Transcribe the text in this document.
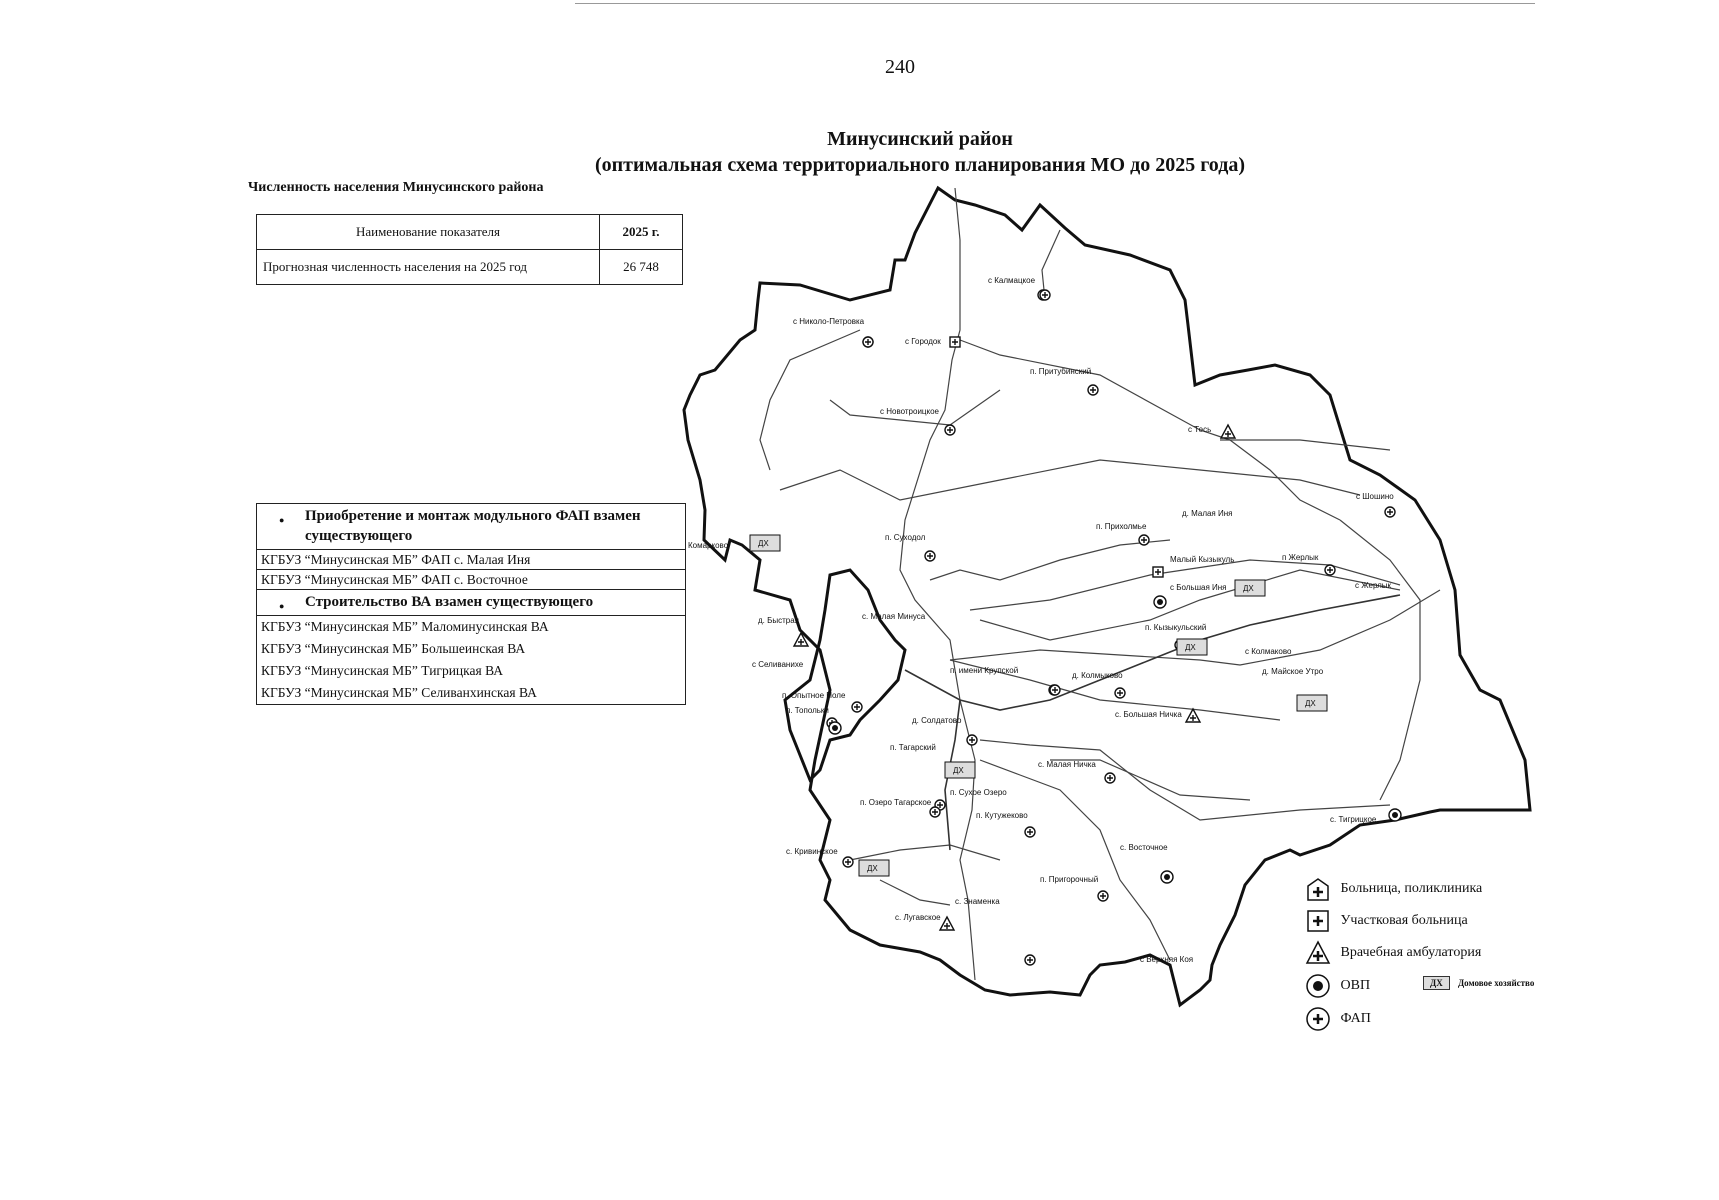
240
Минусинский район
(оптимальная схема территориального планирования МО до 2025 года)
Численность населения Минусинского района
Наименование показателя	2025 г.
Прогнозная численность населения на 2025 год	26 748
● Приобретение и монтаж модульного ФАП взамен существующего
КГБУЗ “Минусинская МБ” ФАП с. Малая Иня
КГБУЗ “Минусинская МБ” ФАП с. Восточное
● Строительство ВА взамен существующего
КГБУЗ “Минусинская МБ” Маломинусинская ВА
КГБУЗ “Минусинская МБ” Большеинская ВА
КГБУЗ “Минусинская МБ” Тигрицкая ВА
КГБУЗ “Минусинская МБ” Селиванхинская ВА
с Калмацкое
с Николо-Петровка
с Городок
п. Притубинский
с Новотроицкое
с Тесь
с Шошино
д. Малая Иня
п. Прихолмье
п. Суходол
Малый Кызыкуль	п Жерлык
с Большая Иня	с Жерлык
Комарково
д. Быстрая	с. Малая Минуса
п. Кызыкульский
с Селиванихе
п. имени Крупской
д. Колмыково
с Колмаково
д. Майское Утро
п. Опытное Поле
п. Топольки
д. Солдатово
с. Большая Ничка
п. Тагарский
с. Малая Ничка
п. Сухое Озеро
п. Озеро Тагарское
п. Кутужеково	с. Тигрицкое
с. Кривинское	с. Восточное
п. Пригорочный
с. Знаменка
с. Лугавское
с Верхняя Коя
ДХ
ДХ
ДХ
ДХ
ДХ
ДХ
Больница, поликлиника
Участковая больница
Врачебная амбулатория
ОВП	ДХ Домовое хозяйство
ФАП
